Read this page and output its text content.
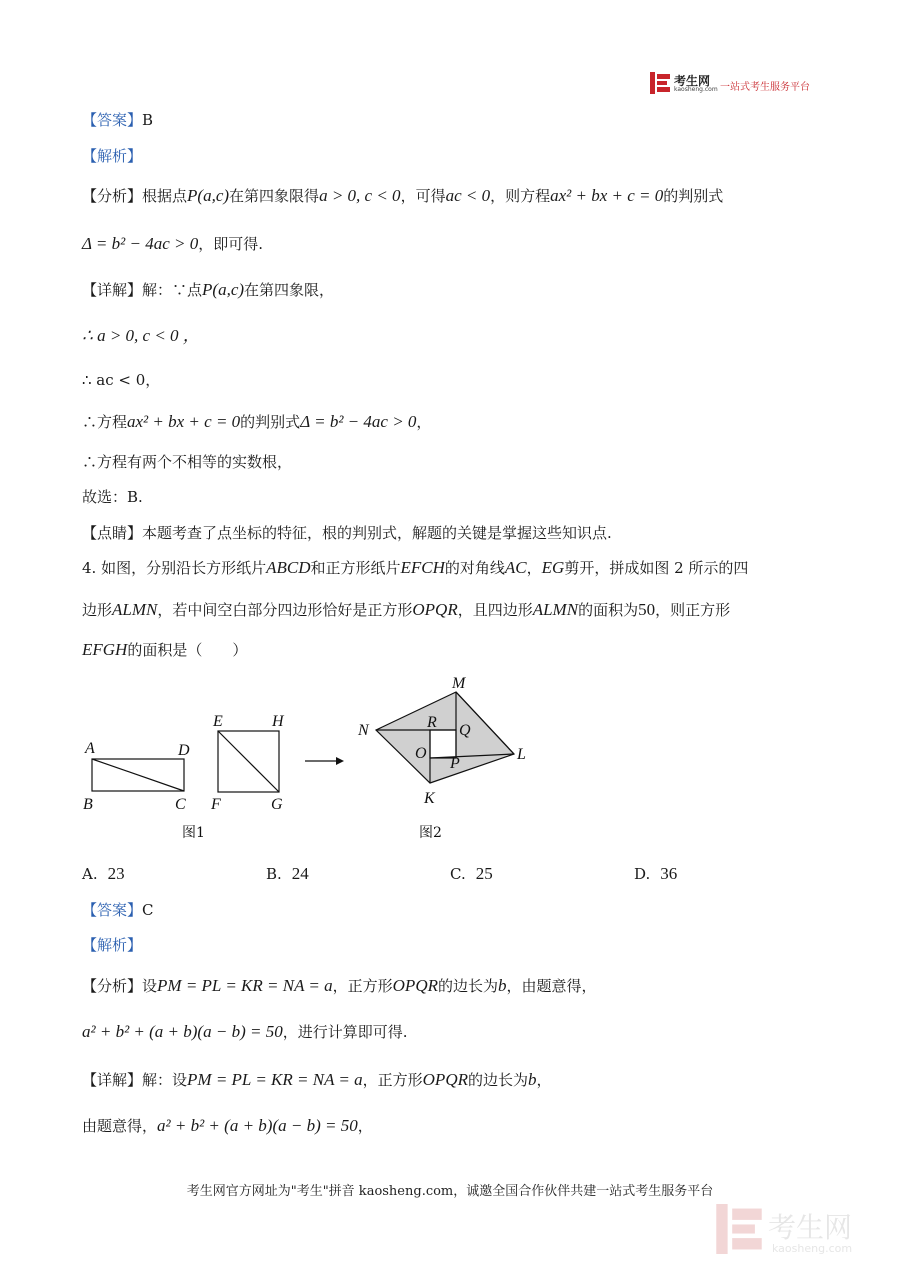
考生网
kaosheng.com 一站式考生服务平台
【答案】B
【解析】
【分析】根据点P(a,c)在第四象限得a > 0, c < 0，可得ac < 0，则方程ax² + bx + c = 0的判别式
Δ = b² − 4ac > 0，即可得.
【详解】解：∵点P(a,c)在第四象限，
∴ a > 0, c < 0 ，
∴ ac < 0，
∴方程ax² + bx + c = 0的判别式Δ = b² − 4ac > 0，
∴方程有两个不相等的实数根，
故选：B.
【点睛】本题考查了点坐标的特征，根的判别式，解题的关键是掌握这些知识点.
4. 如图，分别沿长方形纸片ABCD和正方形纸片EFCH的对角线AC，EG剪开，拼成如图 2 所示的四
边形ALMN，若中间空白部分四边形恰好是正方形OPQR，且四边形ALMN的面积为50，则正方形
EFGH的面积是（　　）
A	D
B	C
E	H
F	G
M
N	R Q
O
P
L
K
图1	图2
A. 23	B. 24	C. 25	D. 36
【答案】C
【解析】
【分析】设PM = PL = KR = NA = a，正方形OPQR的边长为b，由题意得，
a² + b² + (a + b)(a − b) = 50，进行计算即可得.
【详解】解：设PM = PL = KR = NA = a，正方形OPQR的边长为b，
由题意得，a² + b² + (a + b)(a − b) = 50，
考生网官方网址为"考生"拼音 kaosheng.com，诚邀全国合作伙伴共建一站式考生服务平台
考生网
kaosheng.com
